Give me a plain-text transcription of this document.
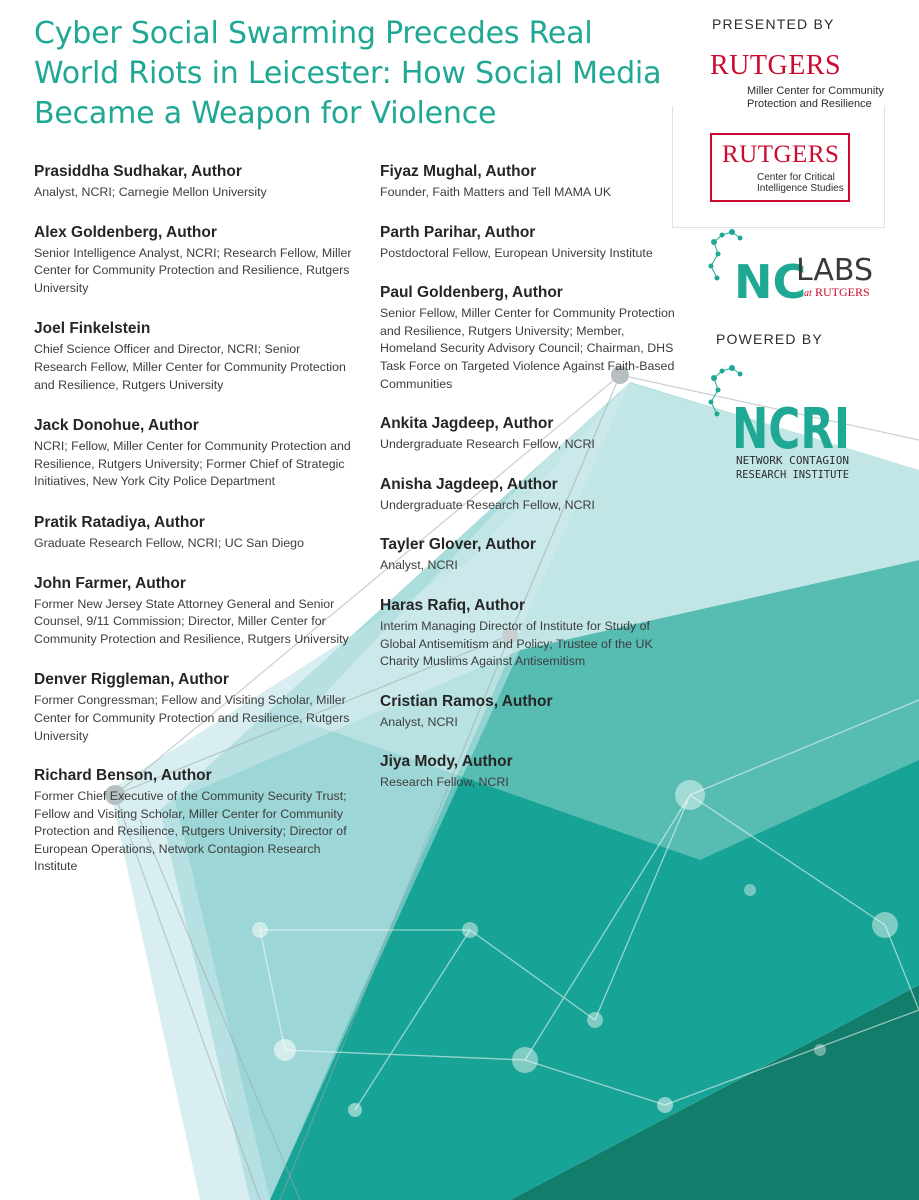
Cyber Social Swarming Precedes Real World Riots in Leicester: How Social Media Became a Weapon for Violence
Prasiddha Sudhakar, Author

Analyst, NCRI; Carnegie Mellon University

Alex Goldenberg, Author

Senior Intelligence Analyst, NCRI; Research Fellow, Miller Center for Community Protection and Resilience, Rutgers University

Joel Finkelstein

Chief Science Officer and Director, NCRI; Senior Research Fellow, Miller Center for Community Protection and Resilience, Rutgers University

Jack Donohue, Author

NCRI; Fellow, Miller Center for Community Protection and Resilience, Rutgers University; Former Chief of Strategic Initiatives, New York City Police Department

Pratik Ratadiya, Author

Graduate Research Fellow, NCRI; UC San Diego

John Farmer, Author

Former New Jersey State Attorney General and Senior Counsel, 9/11 Commission; Director, Miller Center for Community Protection and Resilience, Rutgers University

Denver Riggleman, Author

Former Congressman; Fellow and Visiting Scholar, Miller Center for Community Protection and Resilience, Rutgers University

Richard Benson, Author

Former Chief Executive of the Community Security Trust; Fellow and Visiting Scholar, Miller Center for Community Protection and Resilience, Rutgers University; Director of European Operations, Network Contagion Research Institute

Fiyaz Mughal, Author

Founder, Faith Matters and Tell MAMA UK

Parth Parihar, Author

Postdoctoral Fellow, European University Institute

Paul Goldenberg, Author

Senior Fellow, Miller Center for Community Protection and Resilience, Rutgers University; Member, Homeland Security Advisory Council; Chairman, DHS Task Force on Targeted Violence Against Faith-Based Communities

Ankita Jagdeep, Author

Undergraduate Research Fellow, NCRI

Anisha Jagdeep, Author

Undergraduate Research Fellow, NCRI

Tayler Glover, Author

Analyst, NCRI

Haras Rafiq, Author

Interim Managing Director of Institute for Study of Global Antisemitism and Policy; Trustee of the UK Charity Muslims Against Antisemitism

Cristian Ramos, Author

Analyst, NCRI

Jiya Mody, Author

Research Fellow, NCRI

PRESENTED BY
RUTGERS
Miller Center for Community
Protection and Resilience
RUTGERS
Center for Critical
Intelligence Studies
NC
LABS
at RUTGERS
POWERED BY
NCRI
NETWORK CONTAGION
RESEARCH INSTITUTE
